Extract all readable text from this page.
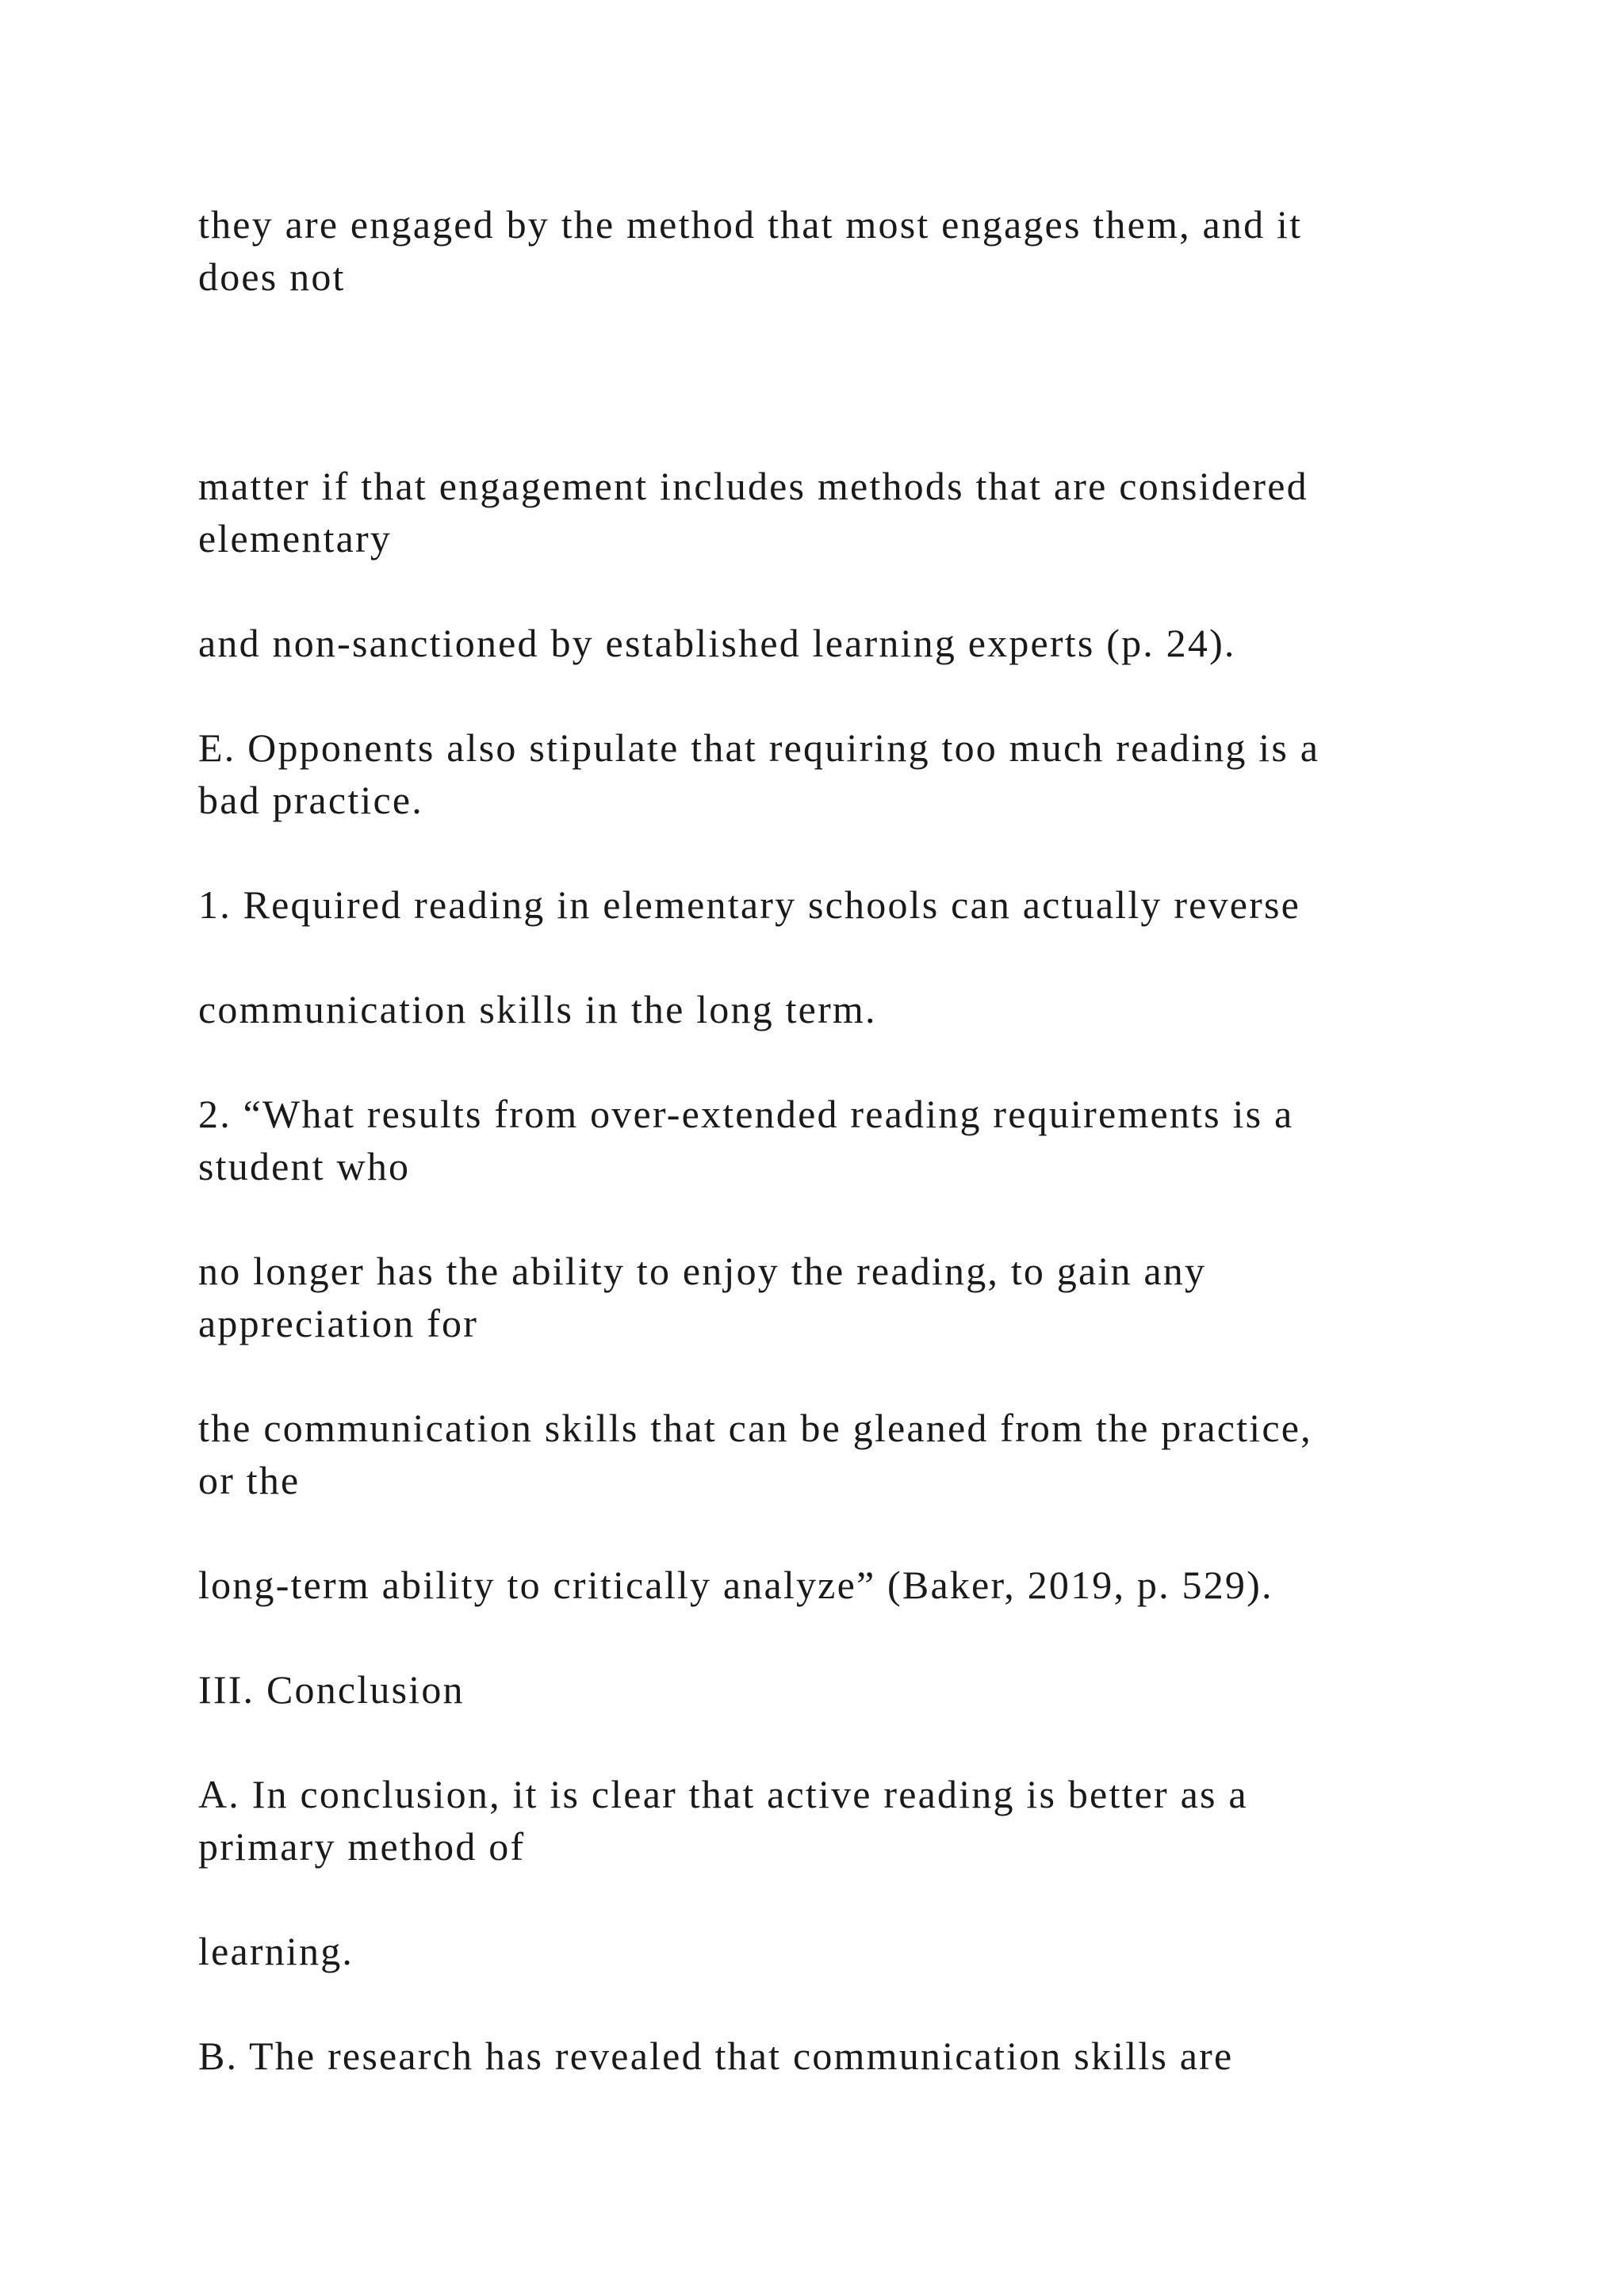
they are engaged by the method that most engages them, and it

does not

matter if that engagement includes methods that are considered

elementary

and non-sanctioned by established learning experts (p. 24).

E. Opponents also stipulate that requiring too much reading is a

bad practice.

1. Required reading in elementary schools can actually reverse

communication skills in the long term.

2. “What results from over-extended reading requirements is a

student who

no longer has the ability to enjoy the reading, to gain any

appreciation for

the communication skills that can be gleaned from the practice,

or the

long-term ability to critically analyze” (Baker, 2019, p. 529).

III. Conclusion

A. In conclusion, it is clear that active reading is better as a

primary method of

learning.

B. The research has revealed that communication skills are
